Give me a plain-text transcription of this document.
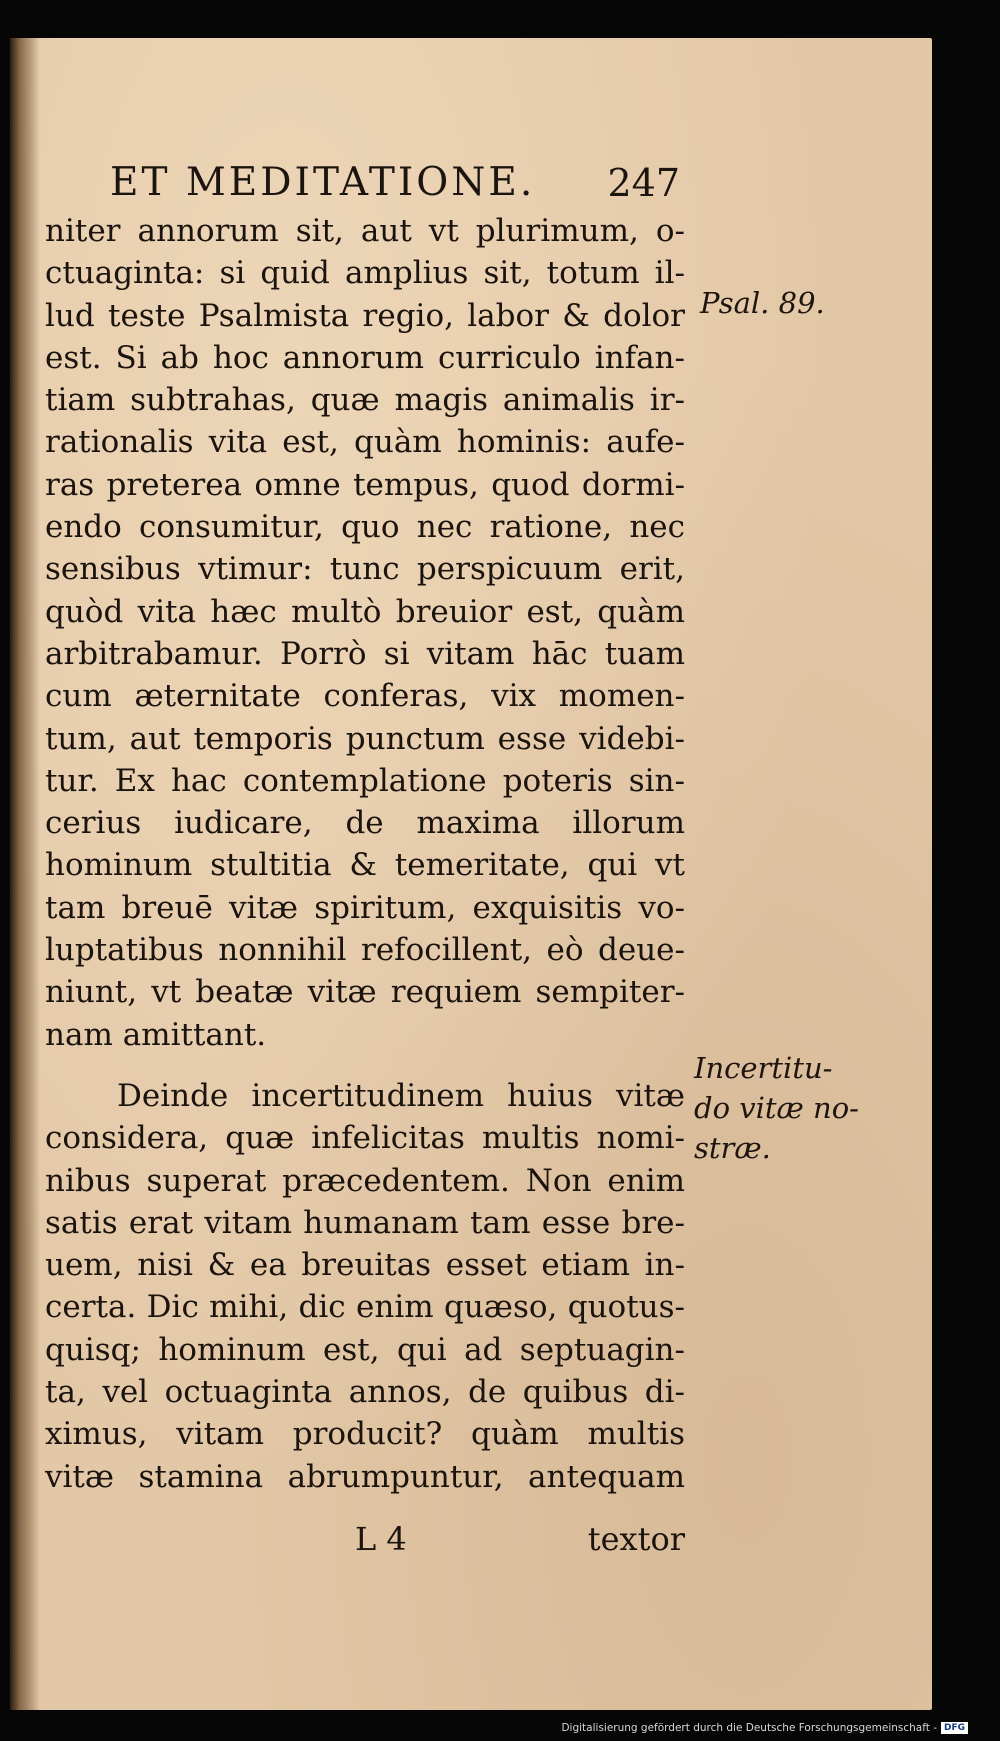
ET MEDITATIONE. 247
niter annorum sit, aut vt plurimum, o-
ctuaginta: si quid amplius sit, totum il-
lud teste Psalmista regio, labor & dolor
est. Si ab hoc annorum curriculo infan-
tiam subtrahas, quæ magis animalis ir-
rationalis vita est, quàm hominis: aufe-
ras preterea omne tempus, quod dormi-
endo consumitur, quo nec ratione, nec
sensibus vtimur: tunc perspicuum erit,
quòd vita hæc multò breuior est, quàm
arbitrabamur. Porrò si vitam hāc tuam
cum æternitate conferas, vix momen-
tum, aut temporis punctum esse videbi-
tur. Ex hac contemplatione poteris sin-
cerius iudicare, de maxima illorum
hominum stultitia & temeritate, qui vt
tam breuē vitæ spiritum, exquisitis vo-
luptatibus nonnihil refocillent, eò deue-
niunt, vt beatæ vitæ requiem sempiter-
nam amittant.
Deinde incertitudinem huius vitæ
considera, quæ infelicitas multis nomi-
nibus superat præcedentem. Non enim
satis erat vitam humanam tam esse bre-
uem, nisi & ea breuitas esset etiam in-
certa. Dic mihi, dic enim quæso, quotus-
quisq; hominum est, qui ad septuagin-
ta, vel octuaginta annos, de quibus di-
ximus, vitam producit? quàm multis
vitæ stamina abrumpuntur, antequam
Psal. 89.
Incertitu-
do vitæ no-
stræ.
L 4	textor
Digitalisierung gefördert durch die Deutsche Forschungsgemeinschaft - DFG
